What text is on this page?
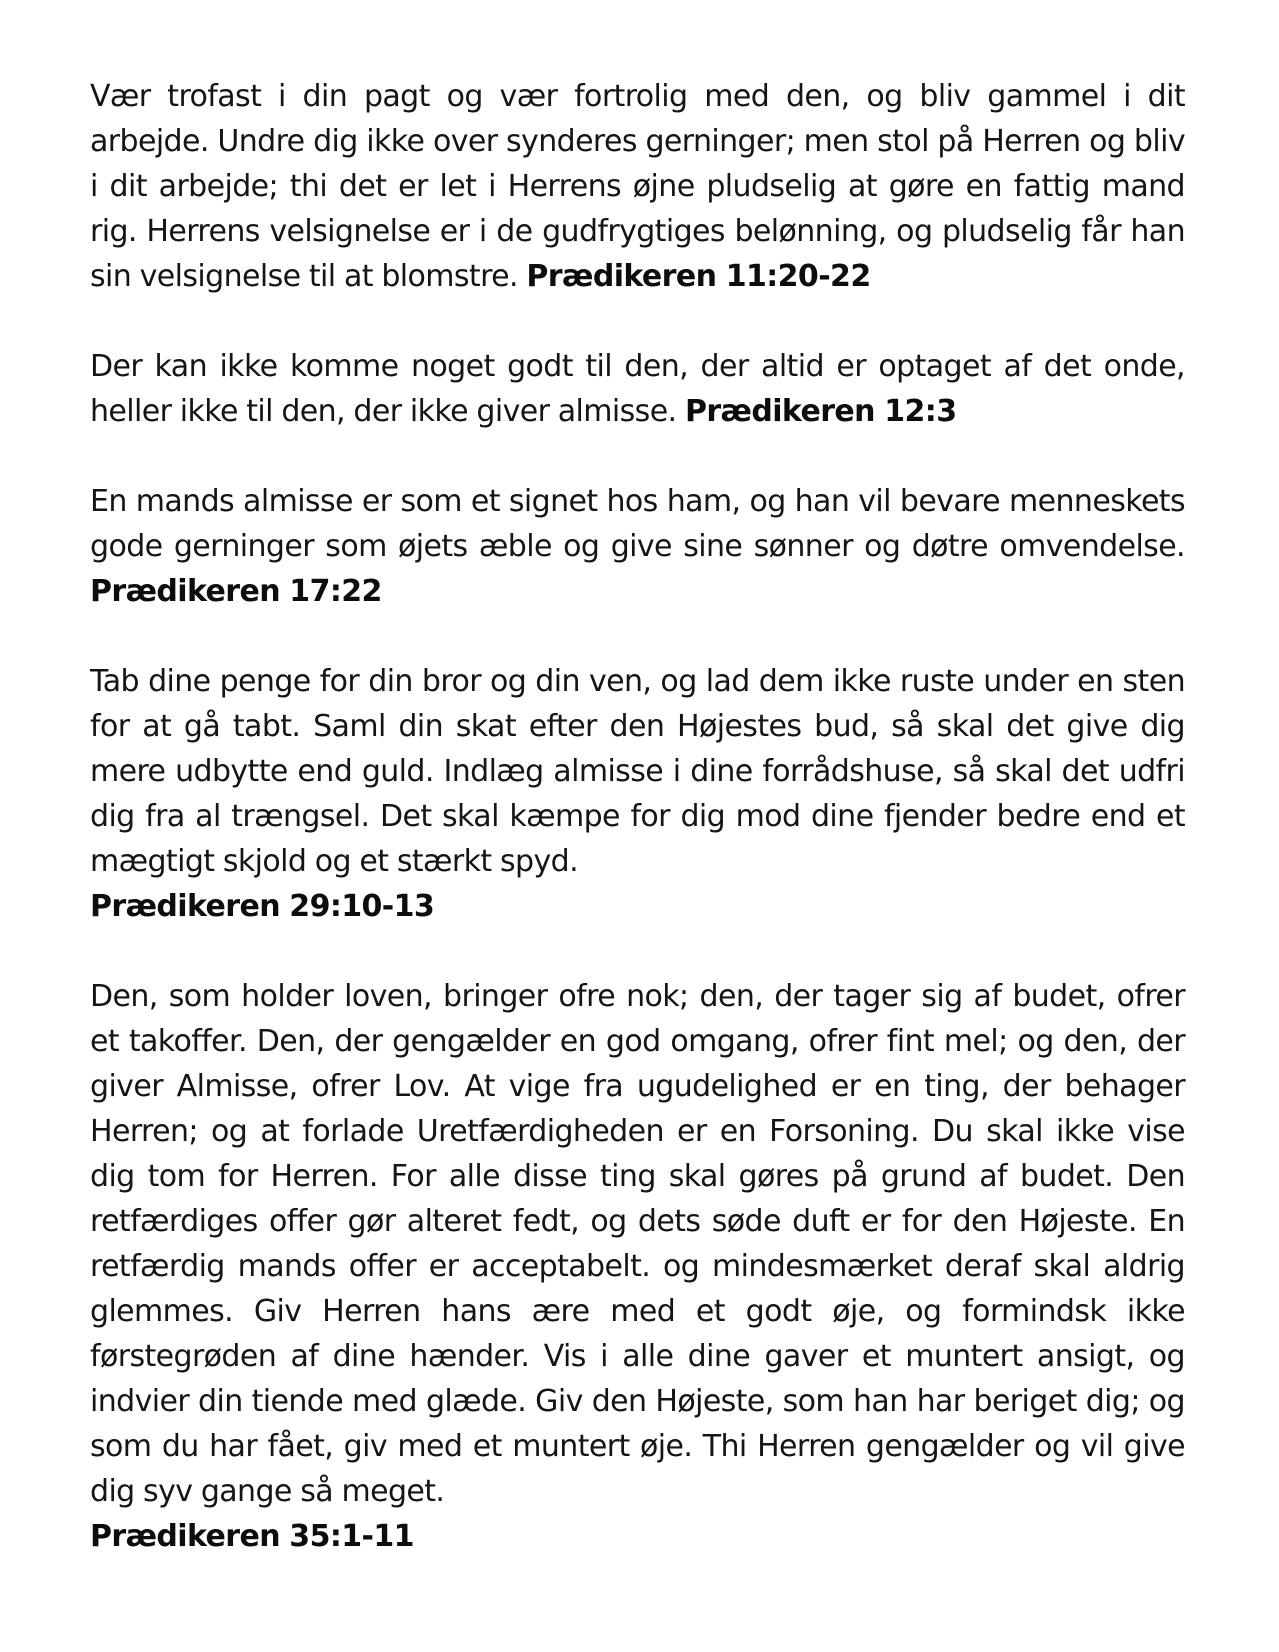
Vær trofast i din pagt og vær fortrolig med den, og bliv gammel i dit arbejde. Undre dig ikke over synderes gerninger; men stol på Herren og bliv i dit arbejde; thi det er let i Herrens øjne pludselig at gøre en fattig mand rig. Herrens velsignelse er i de gudfrygtiges belønning, og pludselig får han sin velsignelse til at blomstre. Prædikeren 11:20-22

Der kan ikke komme noget godt til den, der altid er optaget af det onde, heller ikke til den, der ikke giver almisse. Prædikeren 12:3

En mands almisse er som et signet hos ham, og han vil bevare menneskets gode gerninger som øjets æble og give sine sønner og døtre omvendelse. Prædikeren 17:22

Tab dine penge for din bror og din ven, og lad dem ikke ruste under en sten for at gå tabt. Saml din skat efter den Højestes bud, så skal det give dig mere udbytte end guld. Indlæg almisse i dine forrådshuse, så skal det udfri dig fra al trængsel. Det skal kæmpe for dig mod dine fjender bedre end et mægtigt skjold og et stærkt spyd.
Prædikeren 29:10-13

Den, som holder loven, bringer ofre nok; den, der tager sig af budet, ofrer et takoffer. Den, der gengælder en god omgang, ofrer fint mel; og den, der giver Almisse, ofrer Lov. At vige fra ugudelighed er en ting, der behager Herren; og at forlade Uretfærdigheden er en Forsoning. Du skal ikke vise dig tom for Herren. For alle disse ting skal gøres på grund af budet. Den retfærdiges offer gør alteret fedt, og dets søde duft er for den Højeste. En retfærdig mands offer er acceptabelt. og mindesmærket deraf skal aldrig glemmes. Giv Herren hans ære med et godt øje, og formindsk ikke førstegrøden af dine hænder. Vis i alle dine gaver et muntert ansigt, og indvier din tiende med glæde. Giv den Højeste, som han har beriget dig; og som du har fået, giv med et muntert øje. Thi Herren gengælder og vil give dig syv gange så meget.
Prædikeren 35:1-11
